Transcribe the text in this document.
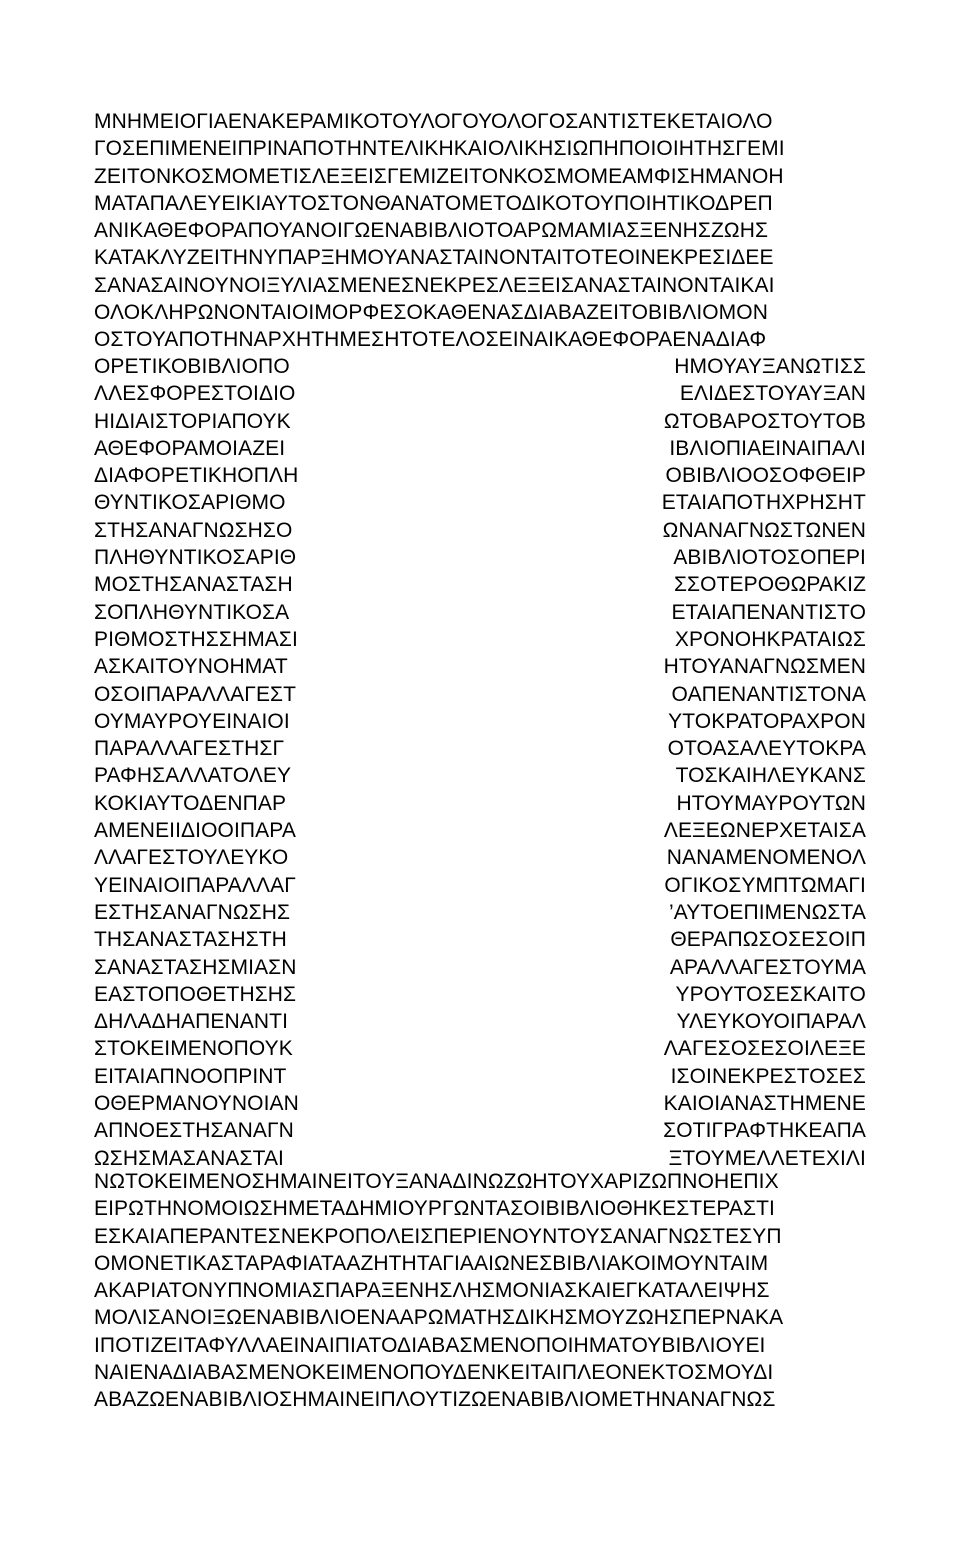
ΜΝΗΜΕΙΟΓΙΑΕΝΑΚΕΡΑΜΙΚΟΤΟΥΛΟΓΟΥΟΛΟΓΟΣΑΝΤΙΣΤΕΚΕΤΑΙΟΛΟ
ΓΟΣΕΠΙΜΕΝΕΙΠΡΙΝΑΠΟΤΗΝΤΕΛΙΚΗΚΑΙΟΛΙΚΗΣΙΩΠΗΠΟΙΟΙΗΤΗΣΓΕΜΙ
ΖΕΙΤΟΝΚΟΣΜΟΜΕΤΙΣΛΕΞΕΙΣΓΕΜΙΖΕΙΤΟΝΚΟΣΜΟΜΕΑΜΦΙΣΗΜΑΝΟΗ
ΜΑΤΑΠΑΛΕΥΕΙΚΙΑΥΤΟΣΤΟΝΘΑΝΑΤΟΜΕΤΟΔΙΚΟΤΟΥΠΟΙΗΤΙΚΟΔΡΕΠ
ΑΝΙΚΑΘΕΦΟΡΑΠΟΥΑΝΟΙΓΩΕΝΑΒΙΒΛΙΟΤΟΑΡΩΜΑΜΙΑΣΞΕΝΗΣΖΩΗΣ
ΚΑΤΑΚΛΥΖΕΙΤΗΝΥΠΑΡΞΗΜΟΥΑΝΑΣΤΑΙΝΟΝΤΑΙΤΟΤΕΟΙΝΕΚΡΕΣΙΔΕΕ
ΣΑΝΑΣΑΙΝΟΥΝΟΙΞΥΛΙΑΣΜΕΝΕΣΝΕΚΡΕΣΛΕΞΕΙΣΑΝΑΣΤΑΙΝΟΝΤΑΙΚΑΙ
ΟΛΟΚΛΗΡΩΝΟΝΤΑΙΟΙΜΟΡΦΕΣΟΚΑΘΕΝΑΣΔΙΑΒΑΖΕΙΤΟΒΙΒΛΙΟΜΟΝ
ΟΣΤΟΥΑΠΟΤΗΝΑΡΧΗΤΗΜΕΣΗΤΟΤΕΛΟΣΕΙΝΑΙΚΑΘΕΦΟΡΑΕΝΑΔΙΑΦ
ΟΡΕΤΙΚΟΒΙΒΛΙΟΠΟ
ΛΛΕΣΦΟΡΕΣΤΟΙΔΙΟ
ΗΙΔΙΑΙΣΤΟΡΙΑΠΟΥΚ
ΑΘΕΦΟΡΑΜΟΙΑΖΕΙ
ΔΙΑΦΟΡΕΤΙΚΗΟΠΛΗ
ΘΥΝΤΙΚΟΣΑΡΙΘΜΟ
ΣΤΗΣΑΝΑΓΝΩΣΗΣΟ
ΠΛΗΘΥΝΤΙΚΟΣΑΡΙΘ
ΜΟΣΤΗΣΑΝΑΣΤΑΣΗ
ΣΟΠΛΗΘΥΝΤΙΚΟΣΑ
ΡΙΘΜΟΣΤΗΣΣΗΜΑΣΙ
ΑΣΚΑΙΤΟΥΝΟΗΜΑΤ
ΟΣΟΙΠΑΡΑΛΛΑΓΕΣΤ
ΟΥΜΑΥΡΟΥΕΙΝΑΙΟΙ
ΠΑΡΑΛΛΑΓΕΣΤΗΣΓ
ΡΑΦΗΣΑΛΛΑΤΟΛΕΥ
ΚΟΚΙΑΥΤΟΔΕΝΠΑΡ
ΑΜΕΝΕΙΙΔΙΟΟΙΠΑΡΑ
ΛΛΑΓΕΣΤΟΥΛΕΥΚΟ
ΥΕΙΝΑΙΟΙΠΑΡΑΛΛΑΓ
ΕΣΤΗΣΑΝΑΓΝΩΣΗΣ
ΤΗΣΑΝΑΣΤΑΣΗΣΤΗ
ΣΑΝΑΣΤΑΣΗΣΜΙΑΣΝ
ΕΑΣΤΟΠΟΘΕΤΗΣΗΣ
ΔΗΛΑΔΗΑΠΕΝΑΝΤΙ
ΣΤΟΚΕΙΜΕΝΟΠΟΥΚ
ΕΙΤΑΙΑΠΝΟΟΠΡΙΝΤ
ΟΘΕΡΜΑΝΟΥΝΟΙΑΝ
ΑΠΝΟΕΣΤΗΣΑΝΑΓΝ
ΩΣΗΣΜΑΣΑΝΑΣΤΑΙ
ΗΜΟΥΑΥΞΑΝΩΤΙΣΣ
ΕΛΙΔΕΣΤΟΥΑΥΞΑΝ
ΩΤΟΒΑΡΟΣΤΟΥΤΟΒ
ΙΒΛΙΟΠΙΑΕΙΝΑΙΠΑΛΙ
ΟΒΙΒΛΙΟΟΣΟΦΘΕΙΡ
ΕΤΑΙΑΠΟΤΗΧΡΗΣΗΤ
ΩΝΑΝΑΓΝΩΣΤΩΝΕΝ
ΑΒΙΒΛΙΟΤΟΣΟΠΕΡΙ
ΣΣΟΤΕΡΟΘΩΡΑΚΙΖ
ΕΤΑΙΑΠΕΝΑΝΤΙΣΤΟ
ΧΡΟΝΟΗΚΡΑΤΑΙΩΣ
ΗΤΟΥΑΝΑΓΝΩΣΜΕΝ
ΟΑΠΕΝΑΝΤΙΣΤΟΝΑ
ΥΤΟΚΡΑΤΟΡΑΧΡΟΝ
ΟΤΟΑΣΑΛΕΥΤΟΚΡΑ
ΤΟΣΚΑΙΗΛΕΥΚΑΝΣ
ΗΤΟΥΜΑΥΡΟΥΤΩΝ
ΛΕΞΕΩΝΕΡΧΕΤΑΙΣΑ
ΝΑΝΑΜΕΝΟΜΕΝΟΛ
ΟΓΙΚΟΣΥΜΠΤΩΜΑΓΙ
’ΑΥΤΟΕΠΙΜΕΝΩΣΤΑ
ΘΕΡΑΠΩΣΟΣΕΣΟΙΠ
ΑΡΑΛΛΑΓΕΣΤΟΥΜΑ
ΥΡΟΥΤΟΣΕΣΚΑΙΤΟ
ΥΛΕΥΚΟΥΟΙΠΑΡΑΛ
ΛΑΓΕΣΟΣΕΣΟΙΛΕΞΕ
ΙΣΟΙΝΕΚΡΕΣΤΟΣΕΣ
ΚΑΙΟΙΑΝΑΣΤΗΜΕΝΕ
ΣΟΤΙΓΡΑΦΤΗΚΕΑΠΑ
ΞΤΟΥΜΕΛΛΕΤΕΧΙΛΙ
ΝΩΤΟΚΕΙΜΕΝΟΣΗΜΑΙΝΕΙΤΟΥΞΑΝΑΔΙΝΩΖΩΗΤΟΥΧΑΡΙΖΩΠΝΟΗΕΠΙΧ
ΕΙΡΩΤΗΝΟΜΟΙΩΣΗΜΕΤΑΔΗΜΙΟΥΡΓΩΝΤΑΣΟΙΒΙΒΛΙΟΘΗΚΕΣΤΕΡΑΣΤΙ
ΕΣΚΑΙΑΠΕΡΑΝΤΕΣΝΕΚΡΟΠΟΛΕΙΣΠΕΡΙΕΝΟΥΝΤΟΥΣΑΝΑΓΝΩΣΤΕΣΥΠ
ΟΜΟΝΕΤΙΚΑΣΤΑΡΑΦΙΑΤΑΑΖΗΤΗΤΑΓΙΑΑΙΩΝΕΣΒΙΒΛΙΑΚΟΙΜΟΥΝΤΑΙΜ
ΑΚΑΡΙΑΤΟΝΥΠΝΟΜΙΑΣΠΑΡΑΞΕΝΗΣΛΗΣΜΟΝΙΑΣΚΑΙΕΓΚΑΤΑΛΕΙΨΗΣ
ΜΟΛΙΣΑΝΟΙΞΩΕΝΑΒΙΒΛΙΟΕΝΑΑΡΩΜΑΤΗΣΔΙΚΗΣΜΟΥΖΩΗΣΠΕΡΝΑΚΑ
ΙΠΟΤΙΖΕΙΤΑΦΥΛΛΑΕΙΝΑΙΠΙΑΤΟΔΙΑΒΑΣΜΕΝΟΠΟΙΗΜΑΤΟΥΒΙΒΛΙΟΥΕΙ
ΝΑΙΕΝΑΔΙΑΒΑΣΜΕΝΟΚΕΙΜΕΝΟΠΟΥΔΕΝΚΕΙΤΑΙΠΛΕΟΝΕΚΤΟΣΜΟΥΔΙ
ΑΒΑΖΩΕΝΑΒΙΒΛΙΟΣΗΜΑΙΝΕΙΠΛΟΥΤΙΖΩΕΝΑΒΙΒΛΙΟΜΕΤΗΝΑΝΑΓΝΩΣ
